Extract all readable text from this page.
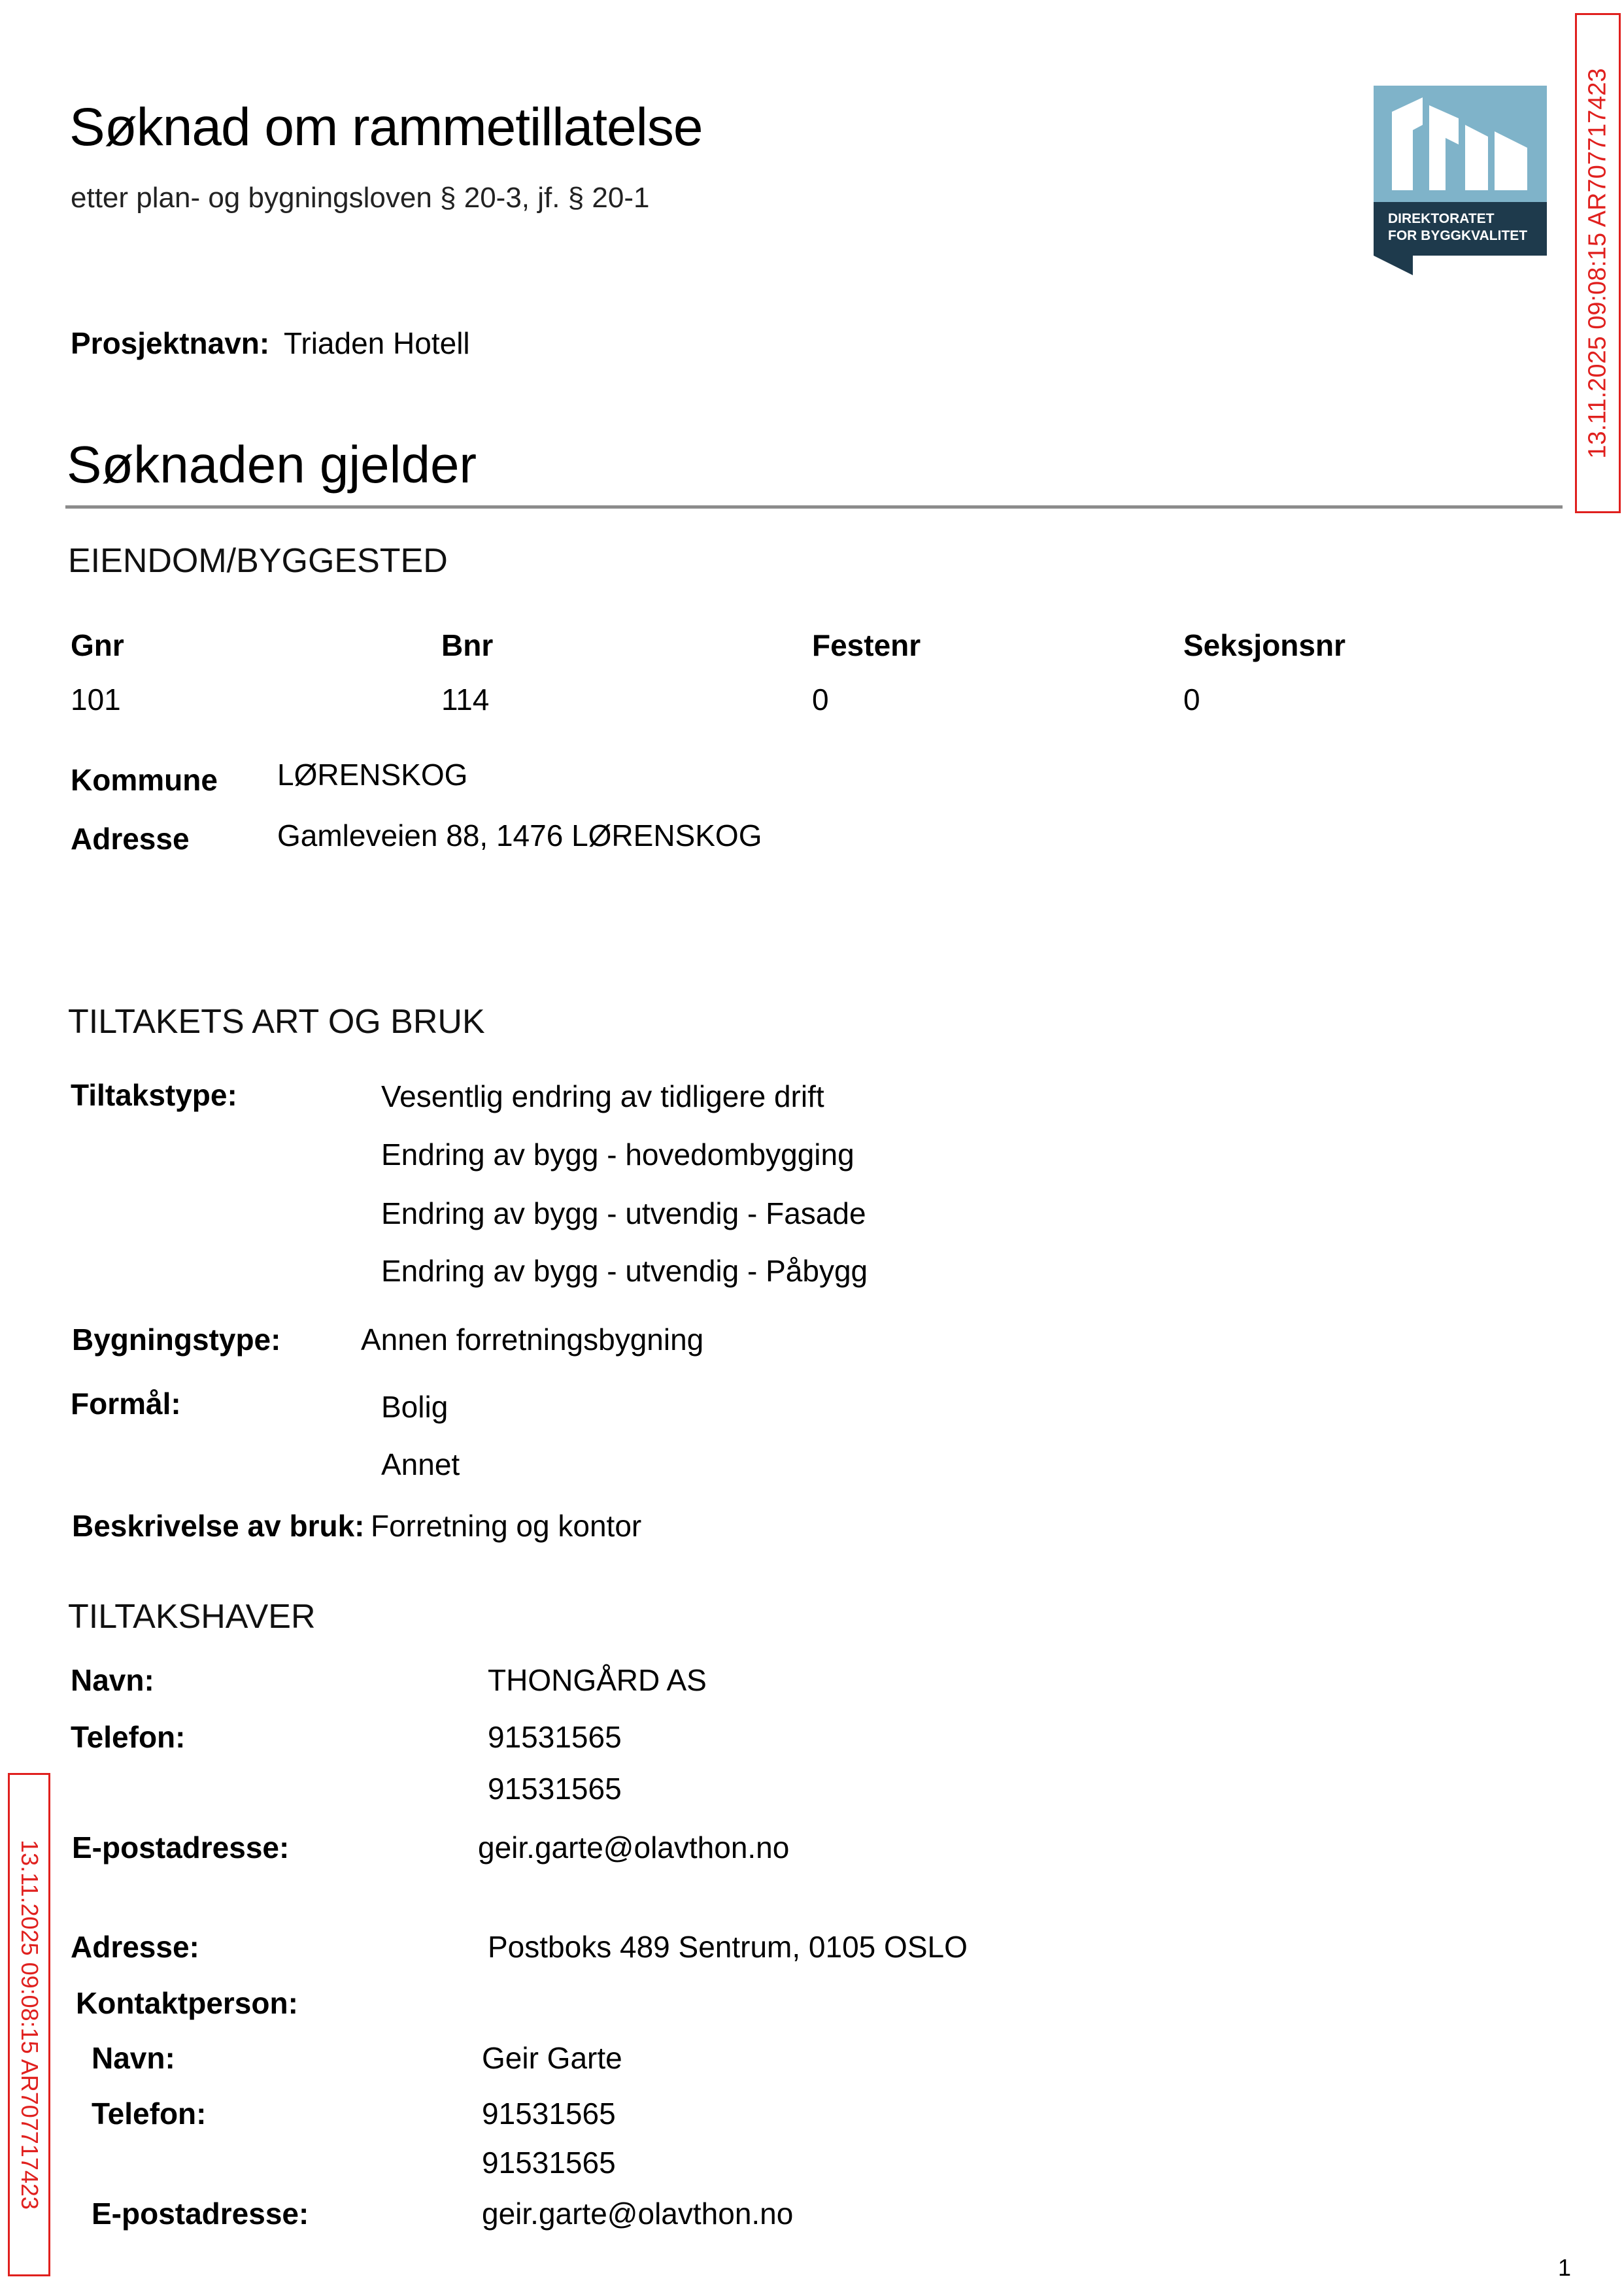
Søknad om rammetillatelse
etter plan- og bygningsloven § 20-3, jf. § 20-1
DIREKTORATET
FOR BYGGKVALITET 13.11.2025 09:08:15 AR707717423
Prosjektnavn: Triaden Hotell
Søknaden gjelder
EIENDOM/BYGGESTED
Gnr	Bnr	Festenr	Seksjonsnr
101	114	0	0
Kommune LØRENSKOG
Adresse	Gamleveien 88, 1476 LØRENSKOG
TILTAKETS ART OG BRUK
Tiltakstype:	Vesentlig endring av tidligere drift
Endring av bygg - hovedombygging
Endring av bygg - utvendig - Fasade
Endring av bygg - utvendig - Påbygg
Bygningstype:	Annen forretningsbygning
Formål:	Bolig
Annet
Beskrivelse av bruk: Forretning og kontor
TILTAKSHAVER
Navn:	THONGÅRD AS
Telefon:	91531565
91531565
E-postadresse:	geir.garte@olavthon.no
Adresse:	Postboks 489 Sentrum, 0105 OSLO
Kontaktperson:
Navn:	Geir Garte
Telefon:	91531565
91531565
E-postadresse:	geir.garte@olavthon.no
13.11.2025 09:08:15 AR707717423
1
